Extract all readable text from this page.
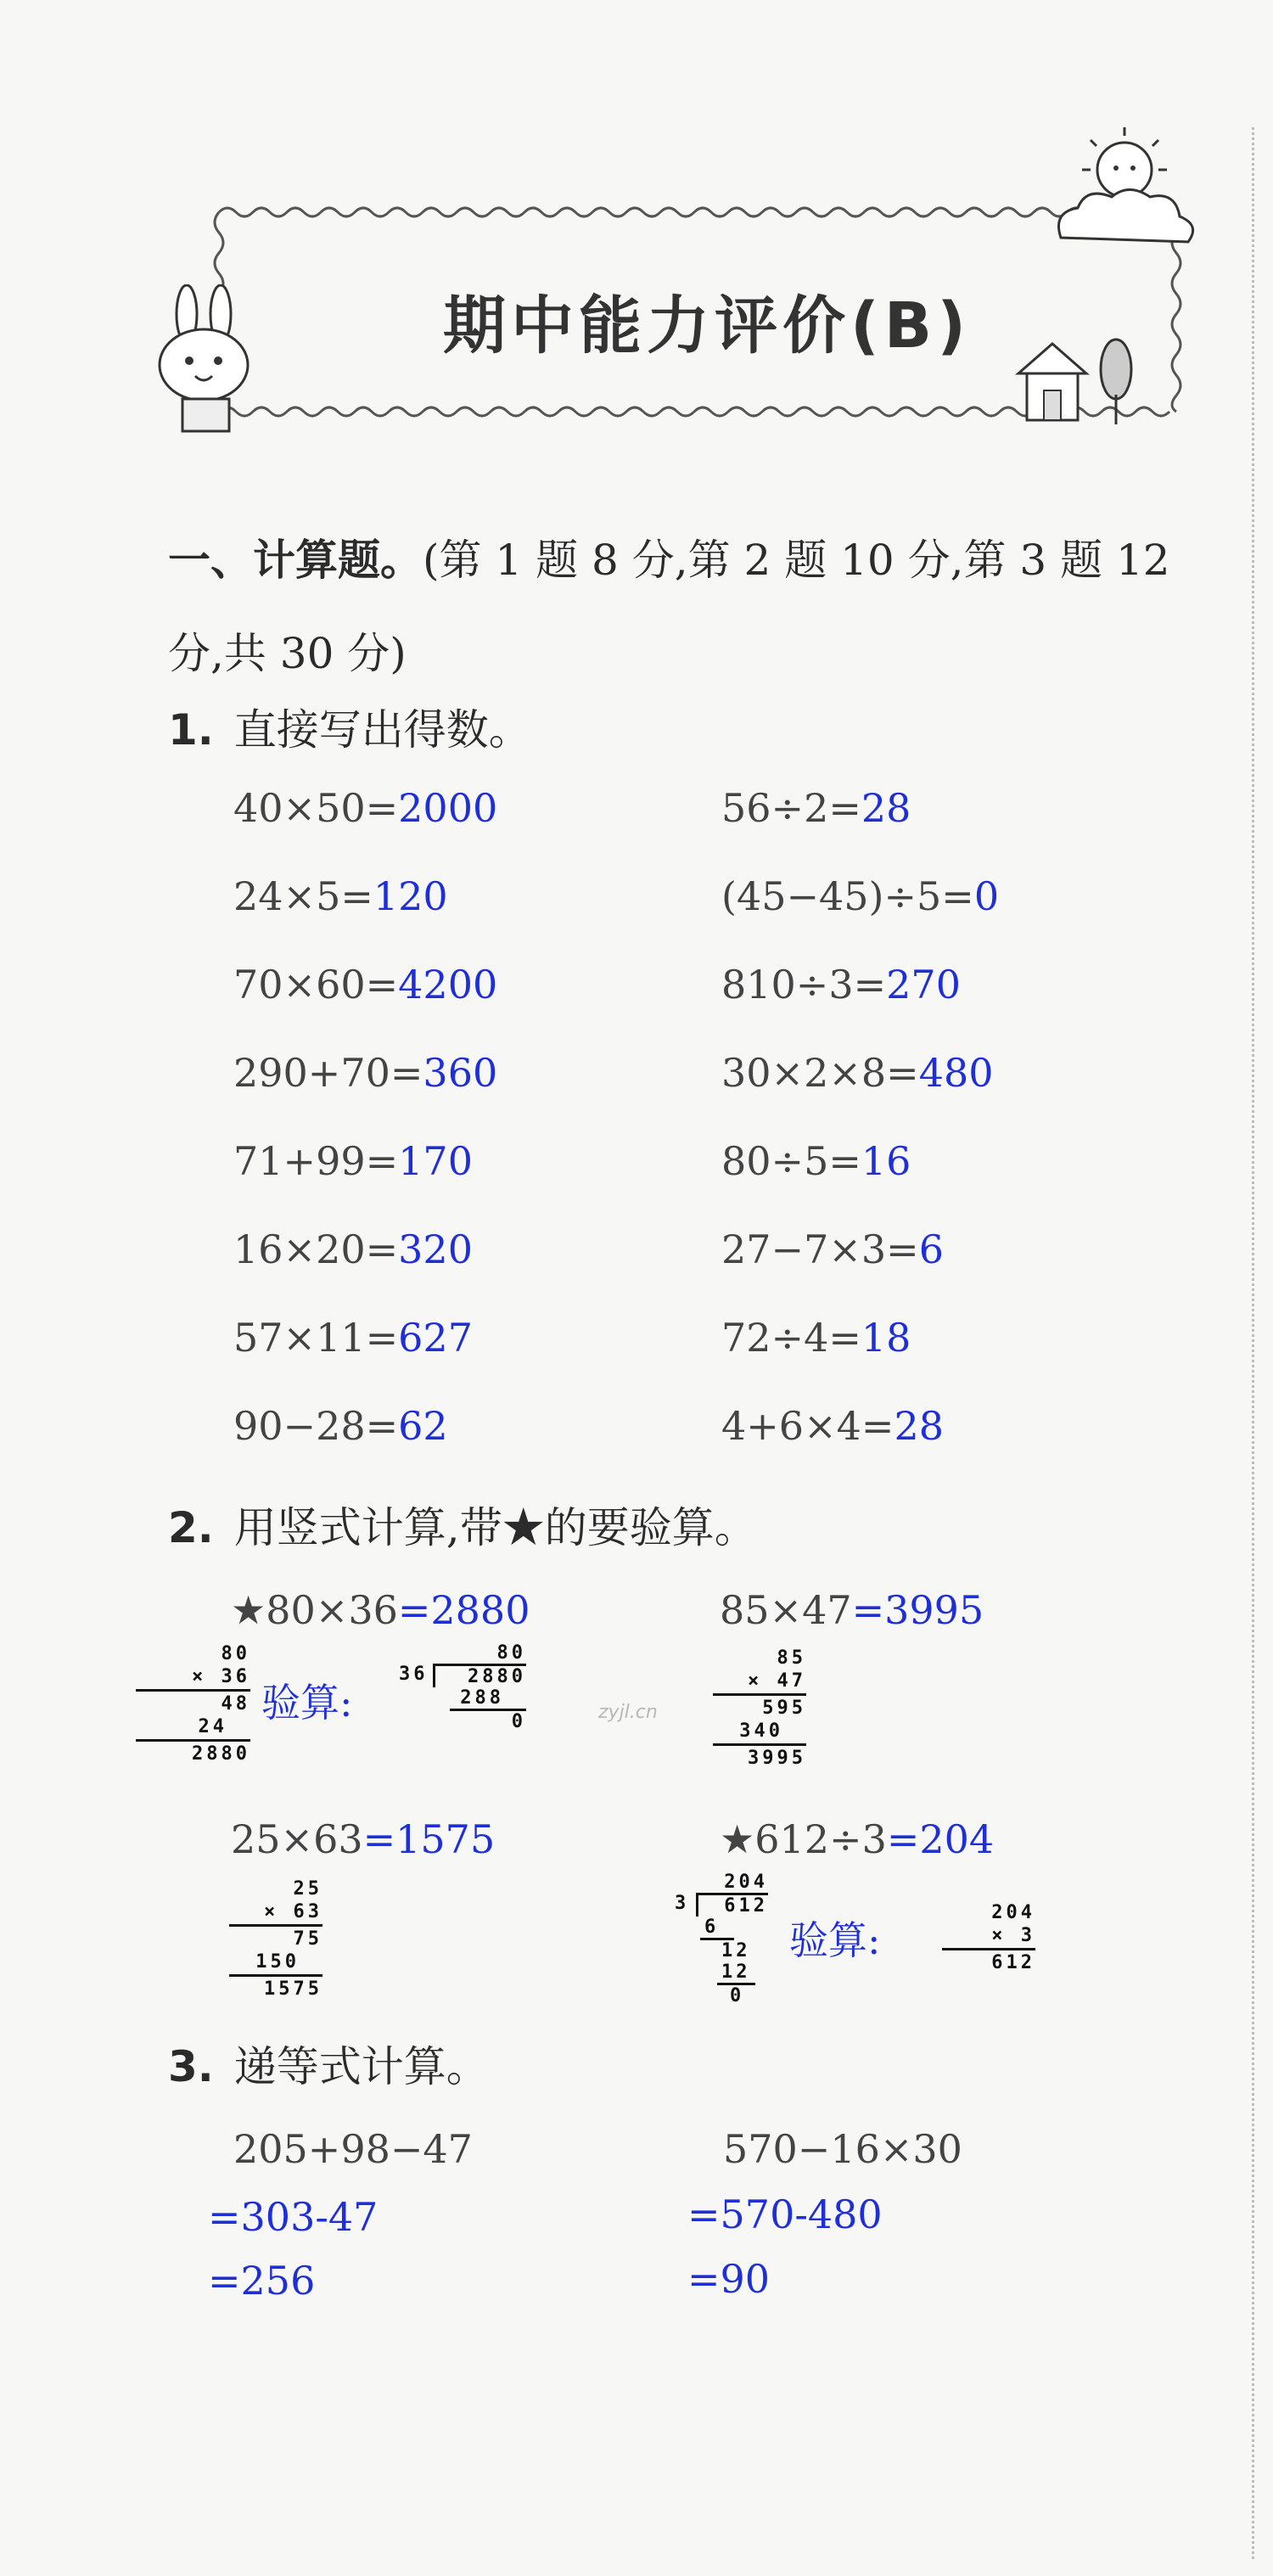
期中能力评价(B)
一、计算题。(第 1 题 8 分,第 2 题 10 分,第 3 题 12 分,共 30 分)
1. 直接写出得数。
40×50=2000	56÷2=28
24×5=120	(45−45)÷5=0
70×60=4200	810÷3=270
290+70=360	30×2×8=480
71+99=170	80÷5=16
16×20=320	27−7×3=6
57×11=627	72÷4=18
90−28=62	4+6×4=28
2. 用竖式计算,带★的要验算。
★80×36=2880	85×47=3995
80
× 36
48
24
2880
验算:
80
36	2880
288
0
85
× 47
595
340
3995
zyjl.cn
25×63=1575	★612÷3=204
25
× 63
75
150
1575
204
3	612
6
12
12
0
验算:
204
× 3
612
3. 递等式计算。
205+98−47
=303-47
=256
570−16×30
=570-480
=90
